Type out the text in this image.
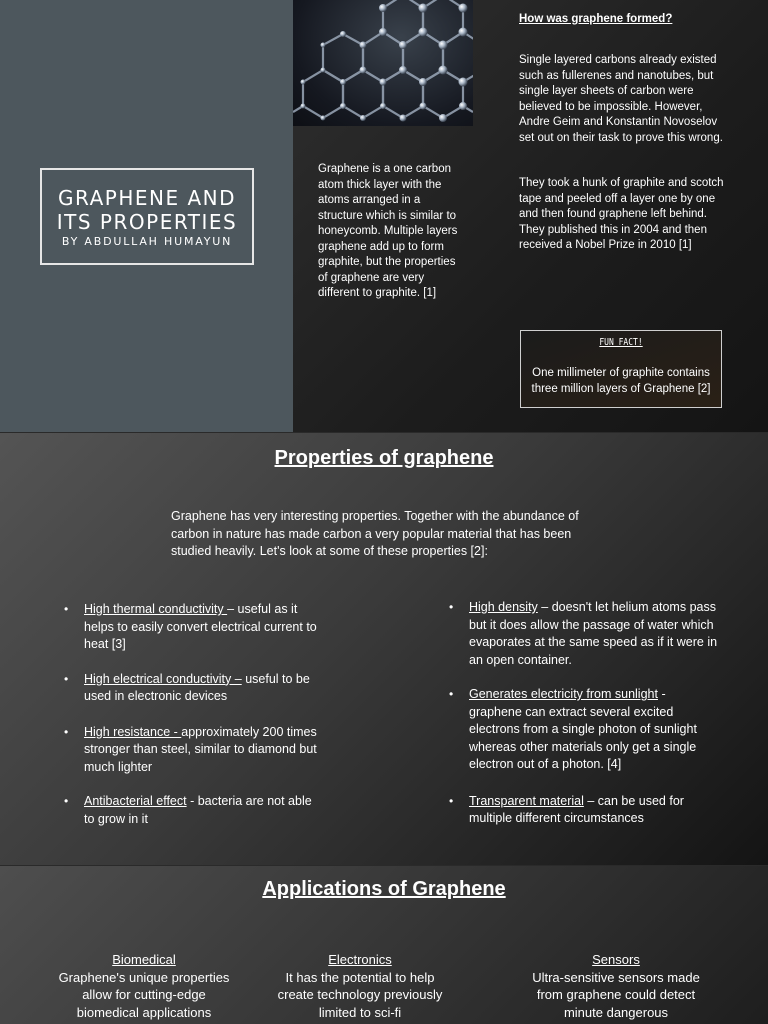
GRAPHENE AND
ITS PROPERTIES
BY ABDULLAH HUMAYUN

Graphene is a one carbon atom thick layer with the atoms arranged in a structure which is similar to honeycomb. Multiple layers graphene add up to form graphite, but the properties of graphene are very different to graphite. [1]

How was graphene formed?

Single layered carbons already existed such as fullerenes and nanotubes, but single layer sheets of carbon were believed to be impossible. However, Andre Geim and Konstantin Novoselov set out on their task to prove this wrong.

They took a hunk of graphite and scotch tape and peeled off a layer one by one and then found graphene left behind. They published this in 2004 and then received a Nobel Prize in 2010 [1]

FUN FACT!
One millimeter of graphite contains three million layers of Graphene [2]
Properties of graphene

Graphene has very interesting properties. Together with the abundance of carbon in nature has made carbon a very popular material that has been studied heavily. Let's look at some of these properties [2]:

• High thermal conductivity – useful as it helps to easily convert electrical current to heat [3]
• High electrical conductivity – useful to be used in electronic devices
• High resistance - approximately 200 times stronger than steel, similar to diamond but much lighter
• Antibacterial effect - bacteria are not able to grow in it
• High density – doesn't let helium atoms pass but it does allow the passage of water which evaporates at the same speed as if it were in an open container.
• Generates electricity from sunlight - graphene can extract several excited electrons from a single photon of sunlight whereas other materials only get a single electron out of a photon. [4]
• Transparent material – can be used for multiple different circumstances
Applications of Graphene
Biomedical
Graphene's unique properties allow for cutting-edge biomedical applications
Electronics
It has the potential to help create technology previously limited to sci-fi
Sensors
Ultra-sensitive sensors made from graphene could detect minute dangerous
